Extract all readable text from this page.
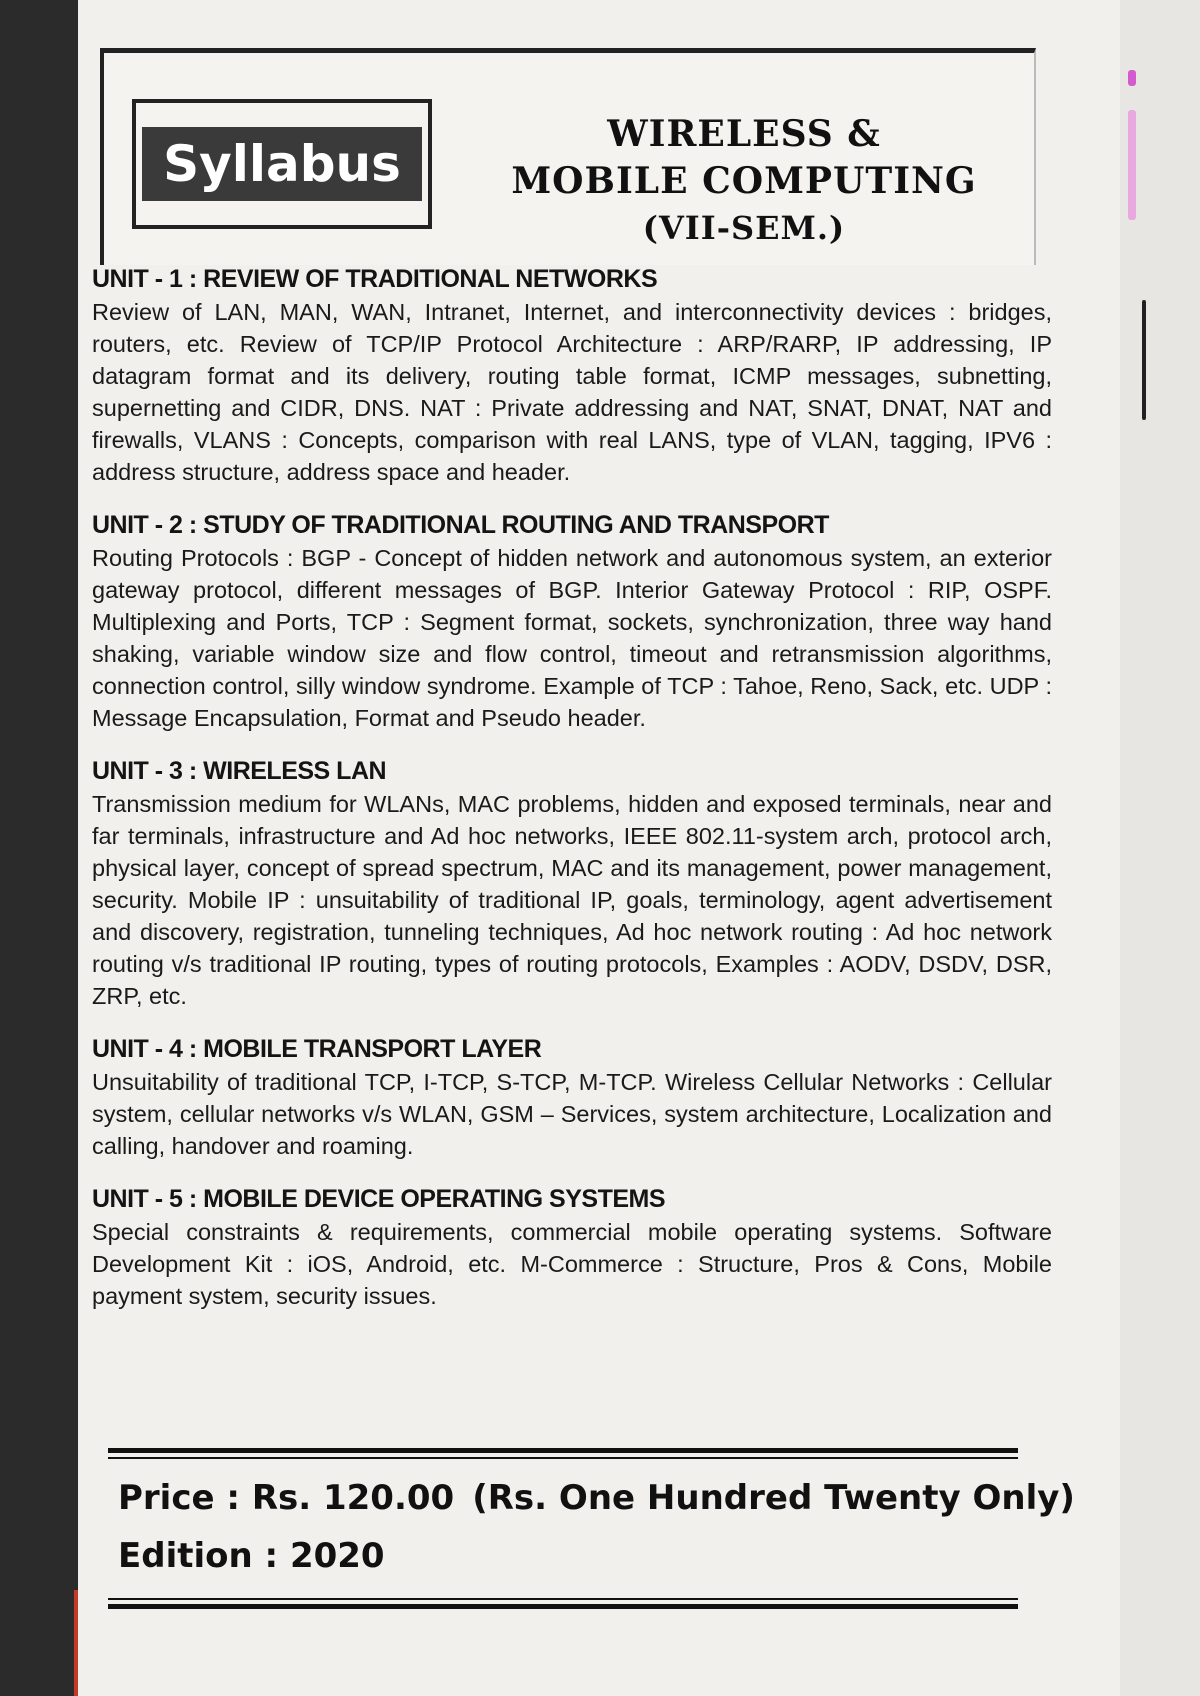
Syllabus
WIRELESS &
MOBILE COMPUTING
(VII-SEM.)

UNIT - 1 : REVIEW OF TRADITIONAL NETWORKS

Review of LAN, MAN, WAN, Intranet, Internet, and interconnectivity devices : bridges, routers, etc. Review of TCP/IP Protocol Architecture : ARP/RARP, IP addressing, IP datagram format and its delivery, routing table format, ICMP messages, subnetting, supernetting and CIDR, DNS. NAT : Private addressing and NAT, SNAT, DNAT, NAT and firewalls, VLANS : Concepts, comparison with real LANS, type of VLAN, tagging, IPV6 : address structure, address space and header.

UNIT - 2 : STUDY OF TRADITIONAL ROUTING AND TRANSPORT

Routing Protocols : BGP - Concept of hidden network and autonomous system, an exterior gateway protocol, different messages of BGP. Interior Gateway Protocol : RIP, OSPF. Multiplexing and Ports, TCP : Segment format, sockets, synchronization, three way hand shaking, variable window size and flow control, timeout and retransmission algorithms, connection control, silly window syndrome. Example of TCP : Tahoe, Reno, Sack, etc. UDP : Message Encapsulation, Format and Pseudo header.

UNIT - 3 : WIRELESS LAN

Transmission medium for WLANs, MAC problems, hidden and exposed terminals, near and far terminals, infrastructure and Ad hoc networks, IEEE 802.11-system arch, protocol arch, physical layer, concept of spread spectrum, MAC and its management, power management, security. Mobile IP : unsuitability of traditional IP, goals, terminology, agent advertisement and discovery, registration, tunneling techniques, Ad hoc network routing : Ad hoc network routing v/s traditional IP routing, types of routing protocols, Examples : AODV, DSDV, DSR, ZRP, etc.

UNIT - 4 : MOBILE TRANSPORT LAYER

Unsuitability of traditional TCP, I-TCP, S-TCP, M-TCP. Wireless Cellular Networks : Cellular system, cellular networks v/s WLAN, GSM – Services, system architecture, Localization and calling, handover and roaming.

UNIT - 5 : MOBILE DEVICE OPERATING SYSTEMS

Special constraints & requirements, commercial mobile operating systems. Software Development Kit : iOS, Android, etc. M-Commerce : Structure, Pros & Cons, Mobile payment system, security issues.

Price : Rs. 120.00 (Rs. One Hundred Twenty Only)
Edition : 2020
